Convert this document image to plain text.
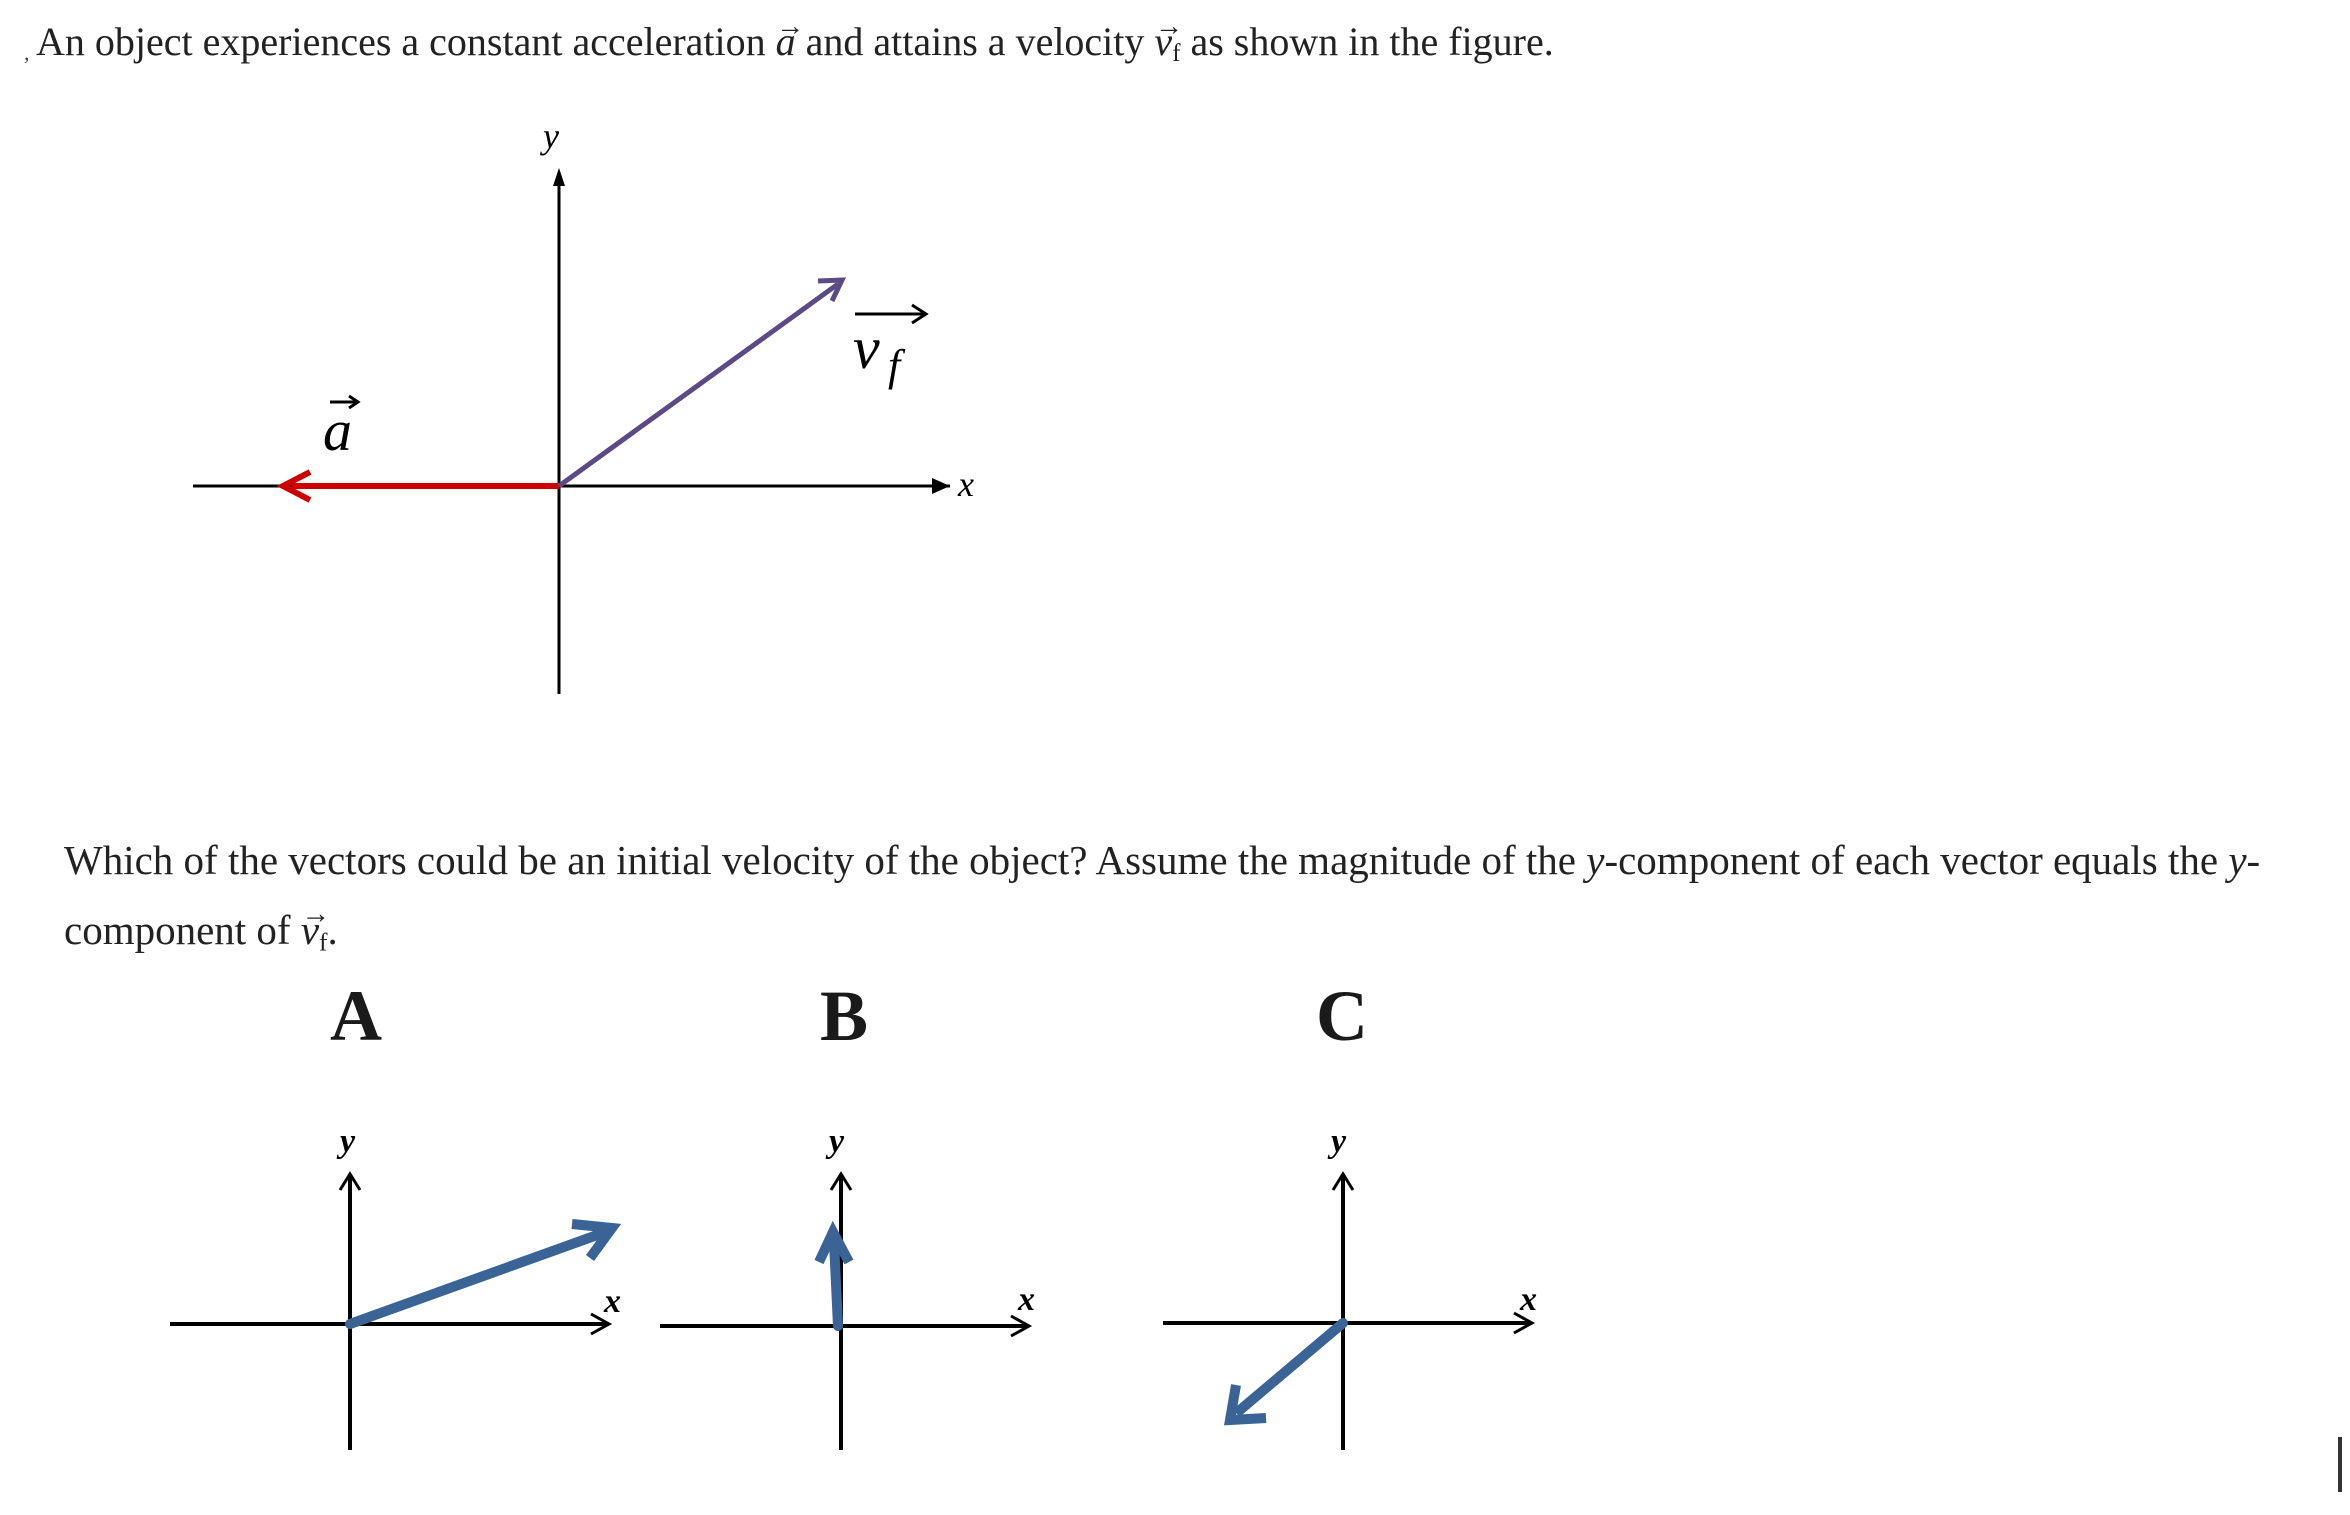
, An object experiences a constant acceleration → a and attains a velocity → $v_f$ as shown in the figure.

x
y
a
v f
x
y
x
y
x
y

Which of the vectors could be an initial velocity of the object? Assume the magnitude of the y-component of each vector equals the y-component of → $v_f$.

A	B	C
